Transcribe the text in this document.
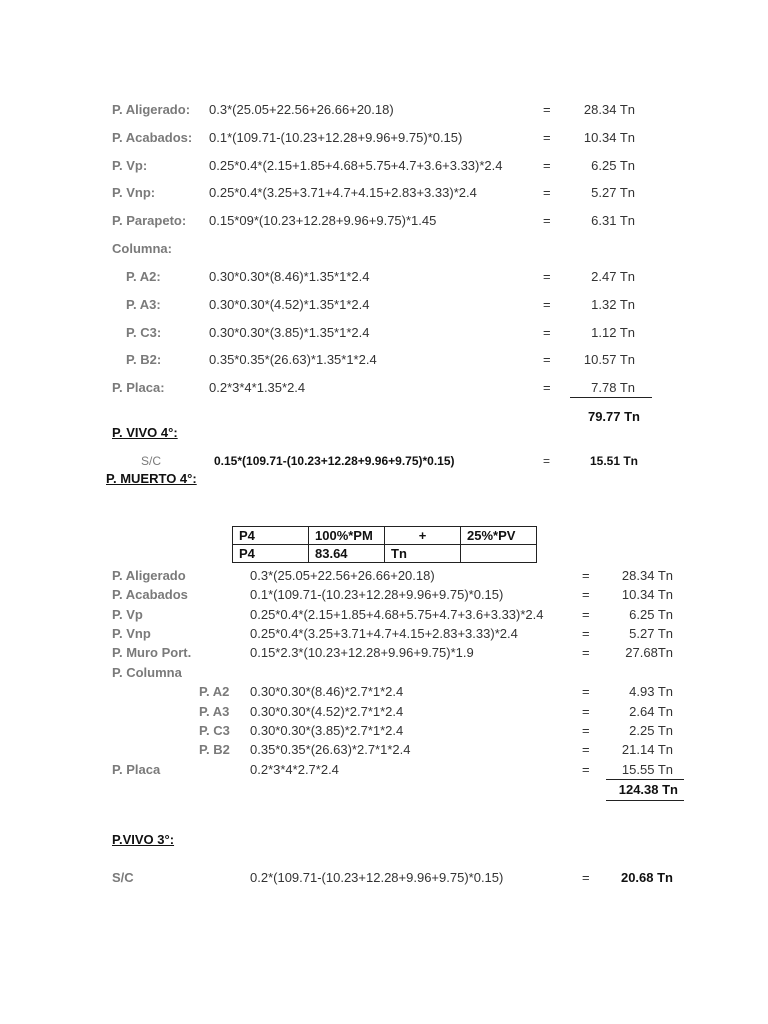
P. Aligerado: 0.3*(25.05+22.56+26.66+20.18)	=	28.34 Tn
P. Acabados: 0.1*(109.71-(10.23+12.28+9.96+9.75)*0.15)	=	10.34 Tn
P. Vp:	0.25*0.4*(2.15+1.85+4.68+5.75+4.7+3.6+3.33)*2.4	=	6.25 Tn
P. Vnp:	0.25*0.4*(3.25+3.71+4.7+4.15+2.83+3.33)*2.4	=	5.27 Tn
P. Parapeto: 0.15*09*(10.23+12.28+9.96+9.75)*1.45	=	6.31 Tn
Columna:
P. A2:	0.30*0.30*(8.46)*1.35*1*2.4	=	2.47 Tn
P. A3:	0.30*0.30*(4.52)*1.35*1*2.4	=	1.32 Tn
P. C3:	0.30*0.30*(3.85)*1.35*1*2.4	=	1.12 Tn
P. B2:	0.35*0.35*(26.63)*1.35*1*2.4	=	10.57 Tn
P. Placa:	0.2*3*4*1.35*2.4	=	7.78 Tn
79.77 Tn
P. VIVO 4°:
S/C	0.15*(109.71-(10.23+12.28+9.96+9.75)*0.15)	=	15.51 Tn
P. MUERTO 4°:
P4	100%*PM	+	25%*PV
P4	83.64	Tn	
P. Aligerado	0.3*(25.05+22.56+26.66+20.18)	= 28.34 Tn
P. Acabados	0.1*(109.71-(10.23+12.28+9.96+9.75)*0.15)	= 10.34 Tn
P. Vp	0.25*0.4*(2.15+1.85+4.68+5.75+4.7+3.6+3.33)*2.4	=	6.25 Tn
P. Vnp	0.25*0.4*(3.25+3.71+4.7+4.15+2.83+3.33)*2.4	=	5.27 Tn
P. Muro Port.	0.15*2.3*(10.23+12.28+9.96+9.75)*1.9	=	27.68Tn
P. Columna
P. A2 0.30*0.30*(8.46)*2.7*1*2.4	=	4.93 Tn
P. A3 0.30*0.30*(4.52)*2.7*1*2.4	=	2.64 Tn
P. C3 0.30*0.30*(3.85)*2.7*1*2.4	=	2.25 Tn
P. B2 0.35*0.35*(26.63)*2.7*1*2.4	= 21.14 Tn
P. Placa	0.2*3*4*2.7*2.4	= 15.55 Tn
124.38 Tn
P.VIVO 3°:
S/C	0.2*(109.71-(10.23+12.28+9.96+9.75)*0.15)	= 20.68 Tn
